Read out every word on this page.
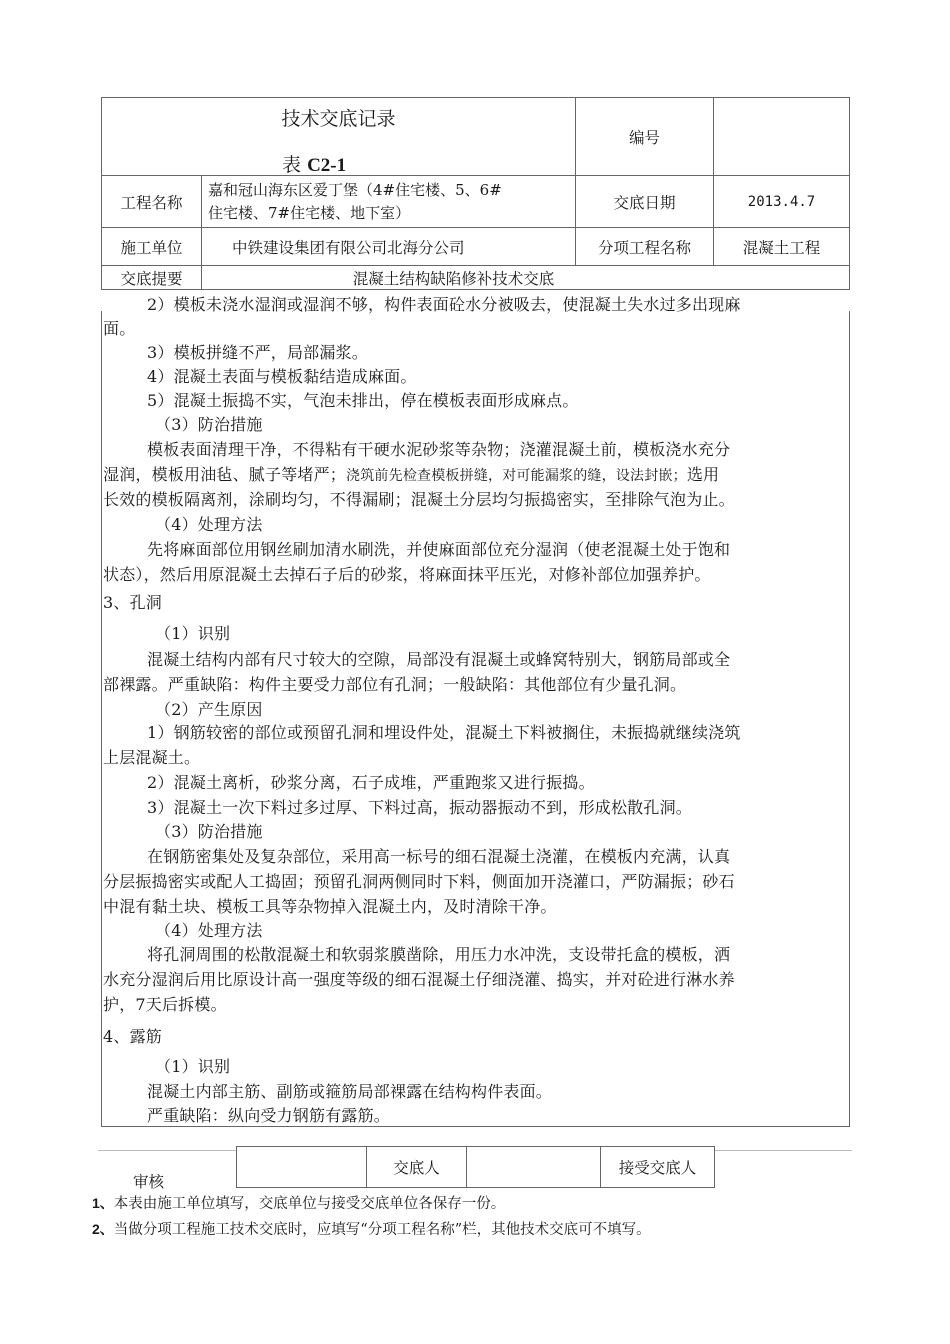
技术交底记录
表 C2-1		编号	
工程名称	嘉和冠山海东区爱丁堡（4#住宅楼、5、6#
住宅楼、7#住宅楼、地下室）	交底日期	2013.4.7
施工单位	中铁建设集团有限公司北海分公司	分项工程名称	混凝土工程
交底提要	混凝土结构缺陷修补技术交底		
2）模板未浇水湿润或湿润不够，构件表面砼水分被吸去，使混凝土失水过多出现麻
面。
3）模板拼缝不严，局部漏浆。
4）混凝土表面与模板黏结造成麻面。
5）混凝土振捣不实，气泡未排出，停在模板表面形成麻点。
（3）防治措施
模板表面清理干净，不得粘有干硬水泥砂浆等杂物；浇灌混凝土前，模板浇水充分
湿润，模板用油毡、腻子等堵严；浇筑前先检查模板拼缝，对可能漏浆的缝，设法封嵌；选用
长效的模板隔离剂，涂刷均匀，不得漏刷；混凝土分层均匀振捣密实，至排除气泡为止。
（4）处理方法
先将麻面部位用钢丝刷加清水刷洗，并使麻面部位充分湿润（使老混凝土处于饱和
状态），然后用原混凝土去掉石子后的砂浆，将麻面抹平压光，对修补部位加强养护。
3、孔洞
（1）识别
混凝土结构内部有尺寸较大的空隙，局部没有混凝土或蜂窝特别大，钢筋局部或全
部裸露。严重缺陷：构件主要受力部位有孔洞；一般缺陷：其他部位有少量孔洞。
（2）产生原因
1）钢筋较密的部位或预留孔洞和埋设件处，混凝土下料被搁住，未振捣就继续浇筑
上层混凝土。
2）混凝土离析，砂浆分离，石子成堆，严重跑浆又进行振捣。
3）混凝土一次下料过多过厚、下料过高，振动器振动不到，形成松散孔洞。
（3）防治措施
在钢筋密集处及复杂部位，采用高一标号的细石混凝土浇灌，在模板内充满，认真
分层振捣密实或配人工捣固；预留孔洞两侧同时下料，侧面加开浇灌口，严防漏振；砂石
中混有黏土块、模板工具等杂物掉入混凝土内，及时清除干净。
（4）处理方法
将孔洞周围的松散混凝土和软弱浆膜凿除，用压力水冲洗，支设带托盒的模板，洒
水充分湿润后用比原设计高一强度等级的细石混凝土仔细浇灌、捣实，并对砼进行淋水养
护，7天后拆模。
4、露筋
（1）识别
混凝土内部主筋、副筋或箍筋局部裸露在结构构件表面。
严重缺陷：纵向受力钢筋有露筋。
审核
	交底人		接受交底人
1、本表由施工单位填写，交底单位与接受交底单位各保存一份。
2、当做分项工程施工技术交底时，应填写“分项工程名称”栏，其他技术交底可不填写。
